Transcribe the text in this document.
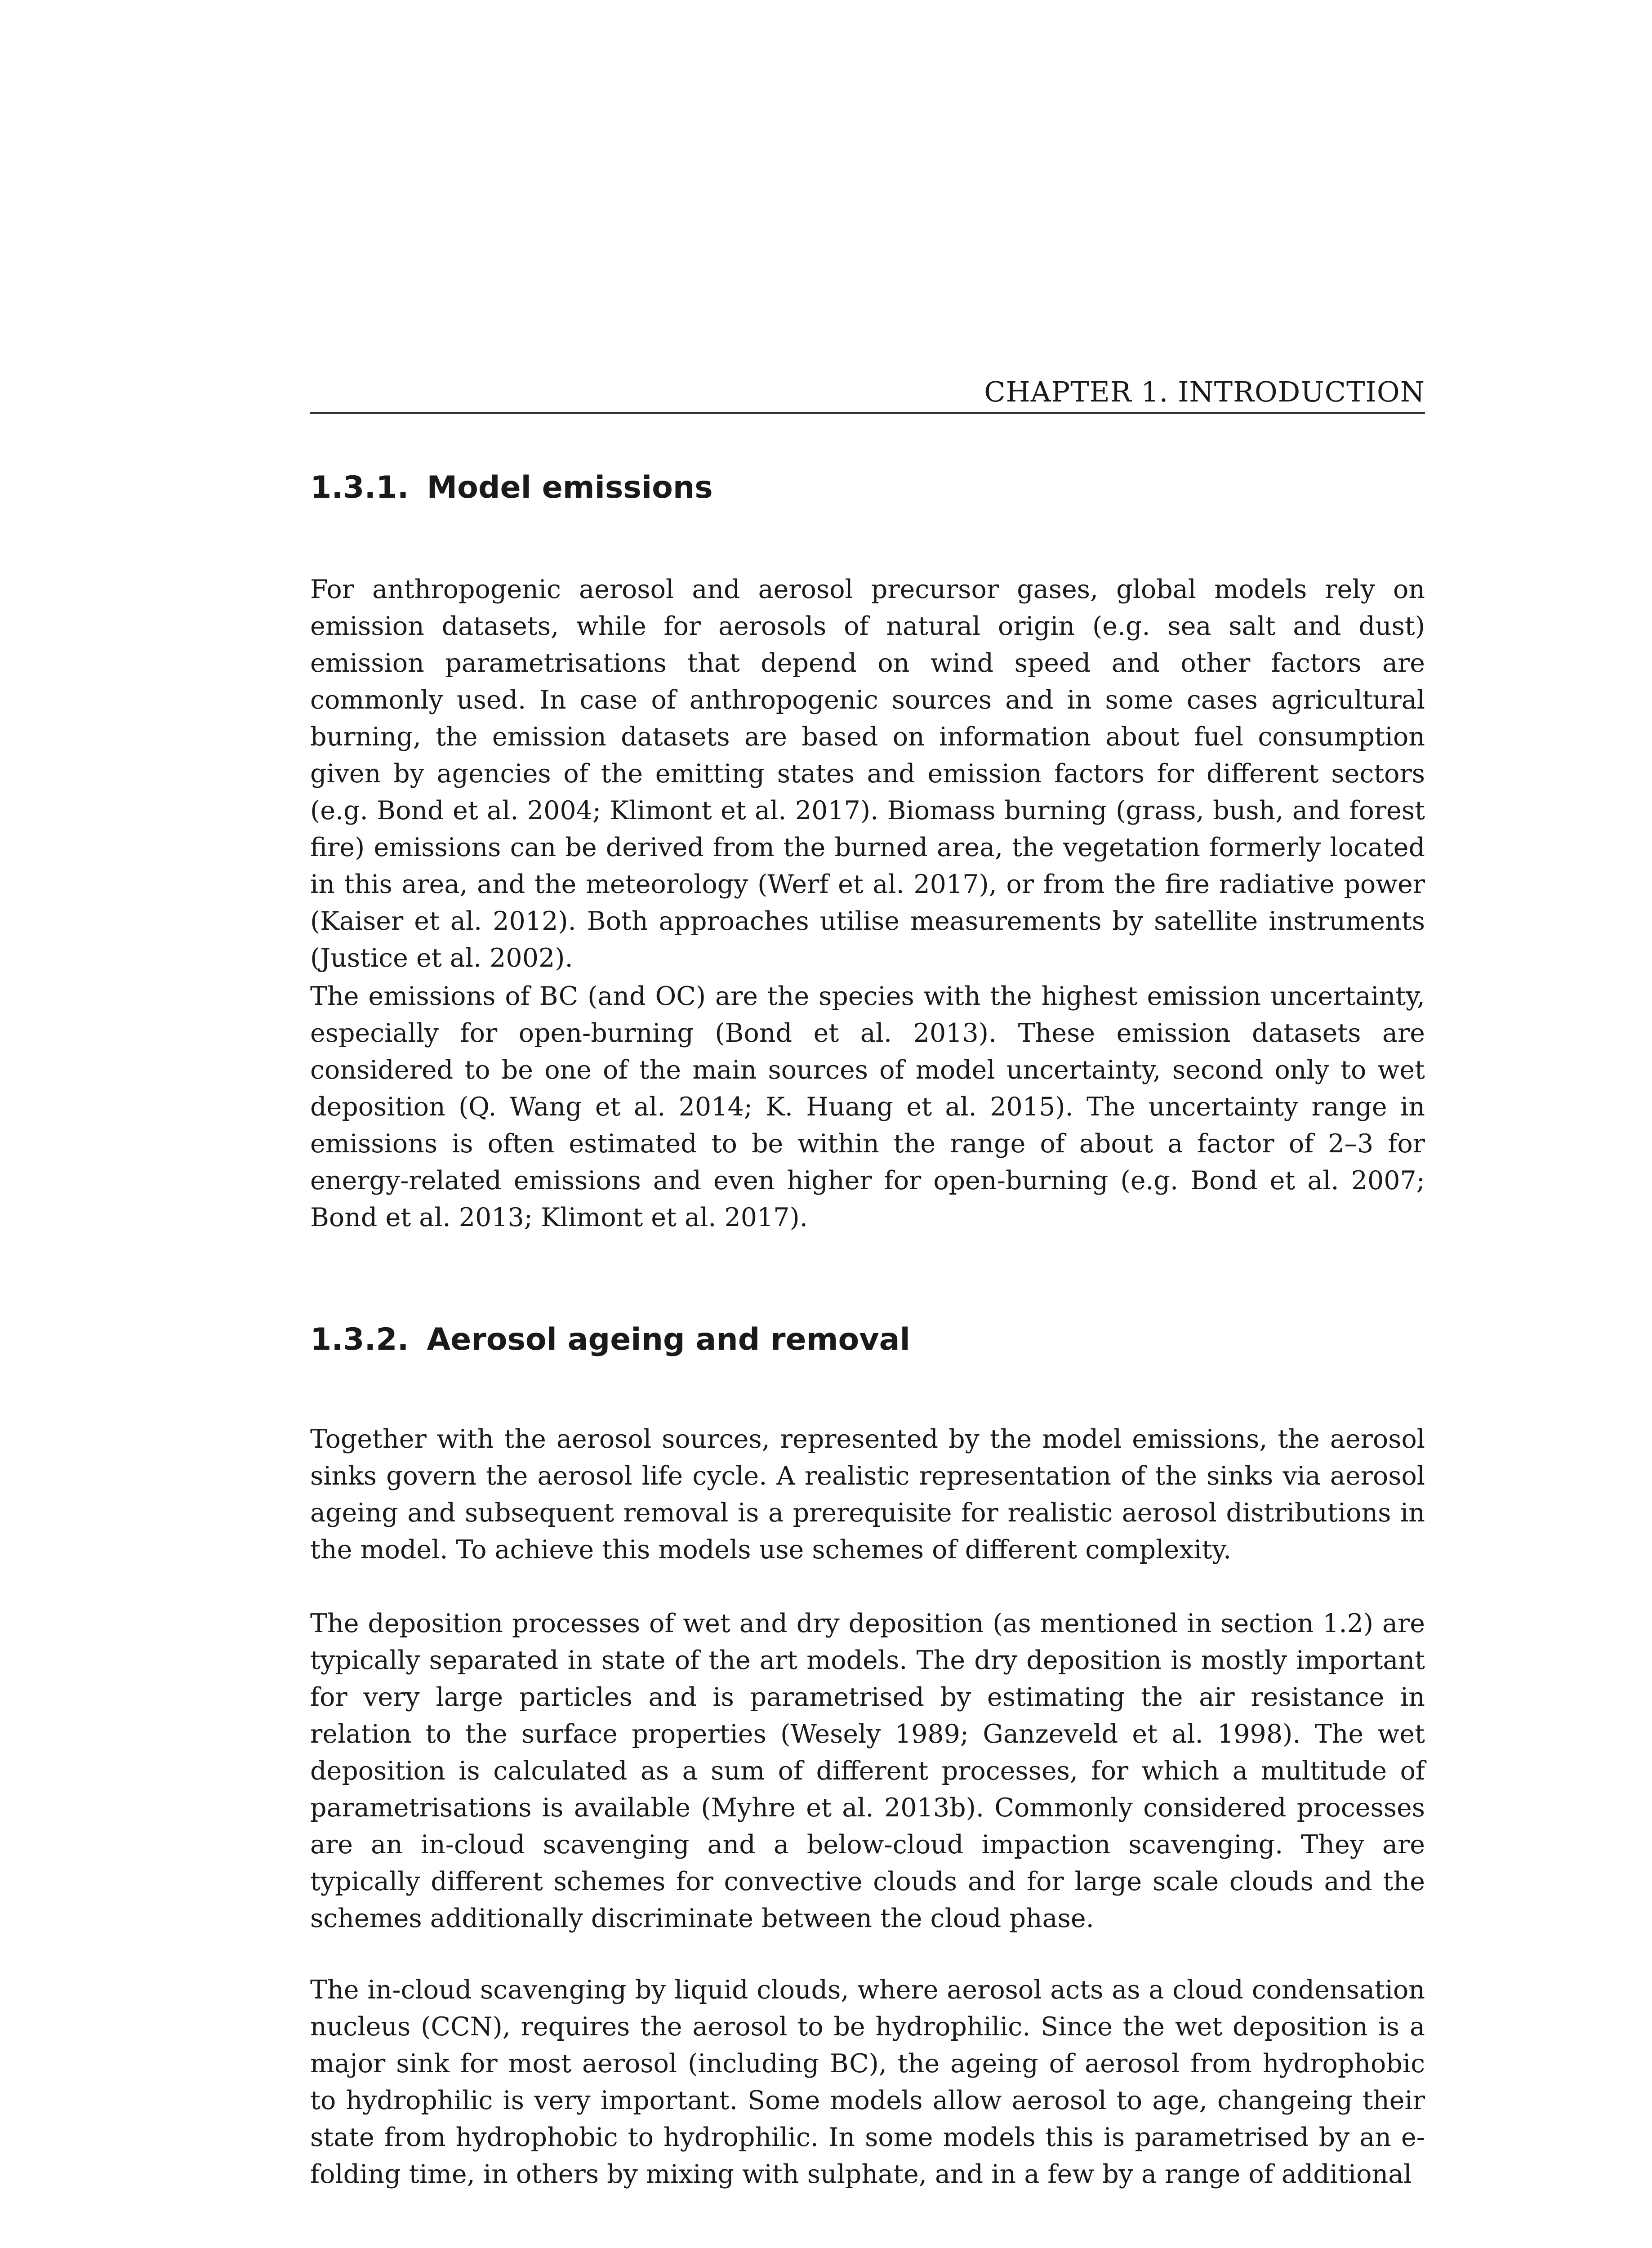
CHAPTER 1. INTRODUCTION
1.3.1. Model emissions

For anthropogenic aerosol and aerosol precursor gases, global models rely on emission datasets, while for aerosols of natural origin (e.g. sea salt and dust) emission parametrisations that depend on wind speed and other factors are commonly used. In case of anthropogenic sources and in some cases agricultural burning, the emission datasets are based on information about fuel consumption given by agencies of the emitting states and emission factors for different sectors (e.g. Bond et al. 2004; Klimont et al. 2017). Biomass burning (grass, bush, and forest fire) emissions can be derived from the burned area, the vegetation formerly located in this area, and the meteorology (Werf et al. 2017), or from the fire radiative power (Kaiser et al. 2012). Both approaches utilise measurements by satellite instruments (Justice et al. 2002).

The emissions of BC (and OC) are the species with the highest emission uncertainty, especially for open-burning (Bond et al. 2013). These emission datasets are considered to be one of the main sources of model uncertainty, second only to wet deposition (Q. Wang et al. 2014; K. Huang et al. 2015). The uncertainty range in emissions is often estimated to be within the range of about a factor of 2–3 for energy-related emissions and even higher for open-burning (e.g. Bond et al. 2007; Bond et al. 2013; Klimont et al. 2017).

1.3.2. Aerosol ageing and removal

Together with the aerosol sources, represented by the model emissions, the aerosol sinks govern the aerosol life cycle. A realistic representation of the sinks via aerosol ageing and subsequent removal is a prerequisite for realistic aerosol distributions in the model. To achieve this models use schemes of different complexity.

The deposition processes of wet and dry deposition (as mentioned in section 1.2) are typically separated in state of the art models. The dry deposition is mostly important for very large particles and is parametrised by estimating the air resistance in relation to the surface properties (Wesely 1989; Ganzeveld et al. 1998). The wet deposition is calculated as a sum of different processes, for which a multitude of parametrisations is available (Myhre et al. 2013b). Commonly considered processes are an in-cloud scavenging and a below-cloud impaction scavenging. They are typically different schemes for convective clouds and for large scale clouds and the schemes additionally discriminate between the cloud phase.

The in-cloud scavenging by liquid clouds, where aerosol acts as a cloud condensation nucleus (CCN), requires the aerosol to be hydrophilic. Since the wet deposition is a major sink for most aerosol (including BC), the ageing of aerosol from hydrophobic to hydrophilic is very important. Some models allow aerosol to age, changeing their state from hydrophobic to hydrophilic. In some models this is parametrised by an e-folding time, in others by mixing with sulphate, and in a few by a range of additional
